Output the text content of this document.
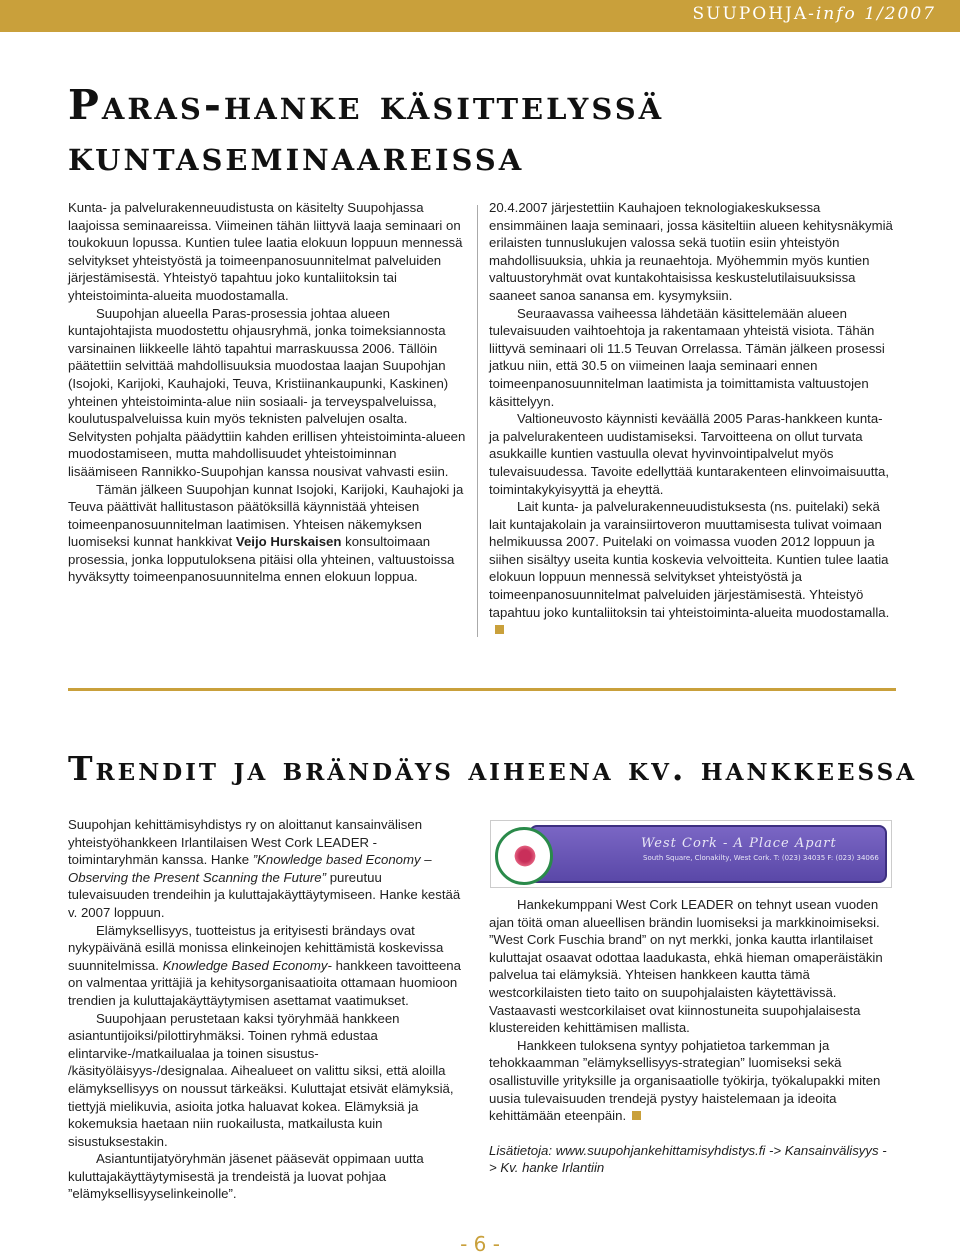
SUUPOHJA-info 1/2007
Paras-hanke käsittelyssä kuntaseminaareissa

Kunta- ja palvelurakenneuudistusta on käsitelty Suupohjassa laajoissa seminaareissa. Viimeinen tähän liittyvä laaja seminaari on toukokuun lopussa. Kuntien tulee laatia elokuun loppuun mennessä selvitykset yhteistyöstä ja toimeenpanosuunnitelmat palveluiden järjestämisestä. Yhteistyö tapahtuu joko kuntaliitoksin tai yhteistoiminta-alueita muodostamalla.

Suupohjan alueella Paras-prosessia johtaa alueen kuntajohtajista muodostettu ohjausryhmä, jonka toimeksiannosta varsinainen liikkeelle lähtö tapahtui marraskuussa 2006. Tällöin päätettiin selvittää mahdollisuuksia muodostaa laajan Suupohjan (Isojoki, Karijoki, Kauhajoki, Teuva, Kristiinankaupunki, Kaskinen) yhteinen yhteistoiminta-alue niin sosiaali- ja terveyspalveluissa, koulutuspalveluissa kuin myös teknisten palvelujen osalta. Selvitysten pohjalta päädyttiin kahden erillisen yhteistoiminta-alueen muodostamiseen, mutta mahdollisuudet yhteistoiminnan lisäämiseen Rannikko-Suupohjan kanssa nousivat vahvasti esiin.

Tämän jälkeen Suupohjan kunnat Isojoki, Karijoki, Kauhajoki ja Teuva päättivät hallitustason päätöksillä käynnistää yhteisen toimeenpanosuunnitelman laatimisen. Yhteisen näkemyksen luomiseksi kunnat hankkivat Veijo Hurskaisen konsultoimaan prosessia, jonka lopputuloksena pitäisi olla yhteinen, valtuustoissa hyväksytty toimeenpanosuunnitelma ennen elokuun loppua.

20.4.2007 järjestettiin Kauhajoen teknologiakeskuksessa ensimmäinen laaja seminaari, jossa käsiteltiin alueen kehitysnäkymiä erilaisten tunnuslukujen valossa sekä tuotiin esiin yhteistyön mahdollisuuksia, uhkia ja reunaehtoja. Myöhemmin myös kuntien valtuustoryhmät ovat kuntakohtaisissa keskustelutilaisuuksissa saaneet sanoa sanansa em. kysymyksiin.

Seuraavassa vaiheessa lähdetään käsittelemään alueen tulevaisuuden vaihtoehtoja ja rakentamaan yhteistä visiota. Tähän liittyvä seminaari oli 11.5 Teuvan Orrelassa. Tämän jälkeen prosessi jatkuu niin, että 30.5 on viimeinen laaja seminaari ennen toimeenpanosuunnitelman laatimista ja toimittamista valtuustojen käsittelyyn.

Valtioneuvosto käynnisti keväällä 2005 Paras-hankkeen kunta- ja palvelurakenteen uudistamiseksi. Tarvoitteena on ollut turvata asukkaille kuntien vastuulla olevat hyvinvointipalvelut myös tulevaisuudessa. Tavoite edellyttää kuntarakenteen elinvoimaisuutta, toimintakykyisyyttä ja eheyttä.

Lait kunta- ja palvelurakenneuudistuksesta (ns. puitelaki) sekä lait kuntajakolain ja varainsiirtoveron muuttamisesta tulivat voimaan helmikuussa 2007. Puitelaki on voimassa vuoden 2012 loppuun ja siihen sisältyy useita kuntia koskevia velvoitteita. Kuntien tulee laatia elokuun loppuun mennessä selvitykset yhteistyöstä ja toimeenpanosuunnitelmat palveluiden järjestämisestä. Yhteistyö tapahtuu joko kuntaliitoksin tai yhteistoiminta-alueita muodostamalla.

Trendit ja brändäys aiheena kv. hankkeessa

Suupohjan kehittämisyhdistys ry on aloittanut kansainvälisen yhteistyöhankkeen Irlantilaisen West Cork LEADER -toimintaryhmän kanssa. Hanke ”Knowledge based Economy – Observing the Present Scanning the Future” pureutuu tulevaisuuden trendeihin ja kuluttajakäyttäytymiseen. Hanke kestää v. 2007 loppuun.

Elämyksellisyys, tuotteistus ja erityisesti brändays ovat nykypäivänä esillä monissa elinkeinojen kehittämistä koskevissa suunnitelmissa. Knowledge Based Economy- hankkeen tavoitteena on valmentaa yrittäjiä ja kehitysorganisaatioita ottamaan huomioon trendien ja kuluttajakäyttäytymisen asettamat vaatimukset.

Suupohjaan perustetaan kaksi työryhmää hankkeen asiantuntijoiksi/pilottiryhmäksi. Toinen ryhmä edustaa elintarvike-/matkailualaa ja toinen sisustus- /käsityöläisyys-/designalaa. Aihealueet on valittu siksi, että aloilla elämyksellisyys on noussut tärkeäksi. Kuluttajat etsivät elämyksiä, tiettyjä mielikuvia, asioita jotka haluavat kokea. Elämyksiä ja kokemuksia haetaan niin ruokailusta, matkailusta kuin sisustuksestakin.

Asiantuntijatyöryhmän jäsenet pääsevät oppimaan uutta kuluttajakäyttäytymisestä ja trendeistä ja luovat pohjaa ”elämyksellisyyselinkeinolle”.

West Cork - A Place Apart
South Square, Clonakilty, West Cork. T: (023) 34035 F: (023) 34066

Hankekumppani West Cork LEADER on tehnyt usean vuoden ajan töitä oman alueellisen brändin luomiseksi ja markkinoimiseksi. ”West Cork Fuschia brand” on nyt merkki, jonka kautta irlantilaiset kuluttajat osaavat odottaa laadukasta, ehkä hieman omaperäistäkin palvelua tai elämyksiä. Yhteisen hankkeen kautta tämä westcorkilaisten tieto taito on suupohjalaisten käytettävissä. Vastaavasti westcorkilaiset ovat kiinnostuneita suupohjalaisesta klustereiden kehittämisen mallista.

Hankkeen tuloksena syntyy pohjatietoa tarkemman ja tehokkaamman ”elämyksellisyys-strategian” luomiseksi sekä osallistuville yrityksille ja organisaatiolle työkirja, työkalupakki miten uusia tulevaisuuden trendejä pystyy haistelemaan ja ideoita kehittämään eteenpäin.

Lisätietoja: www.suupohjankehittamisyhdistys.fi -> Kansainvälisyys -> Kv. hanke Irlantiin

- 6 -
